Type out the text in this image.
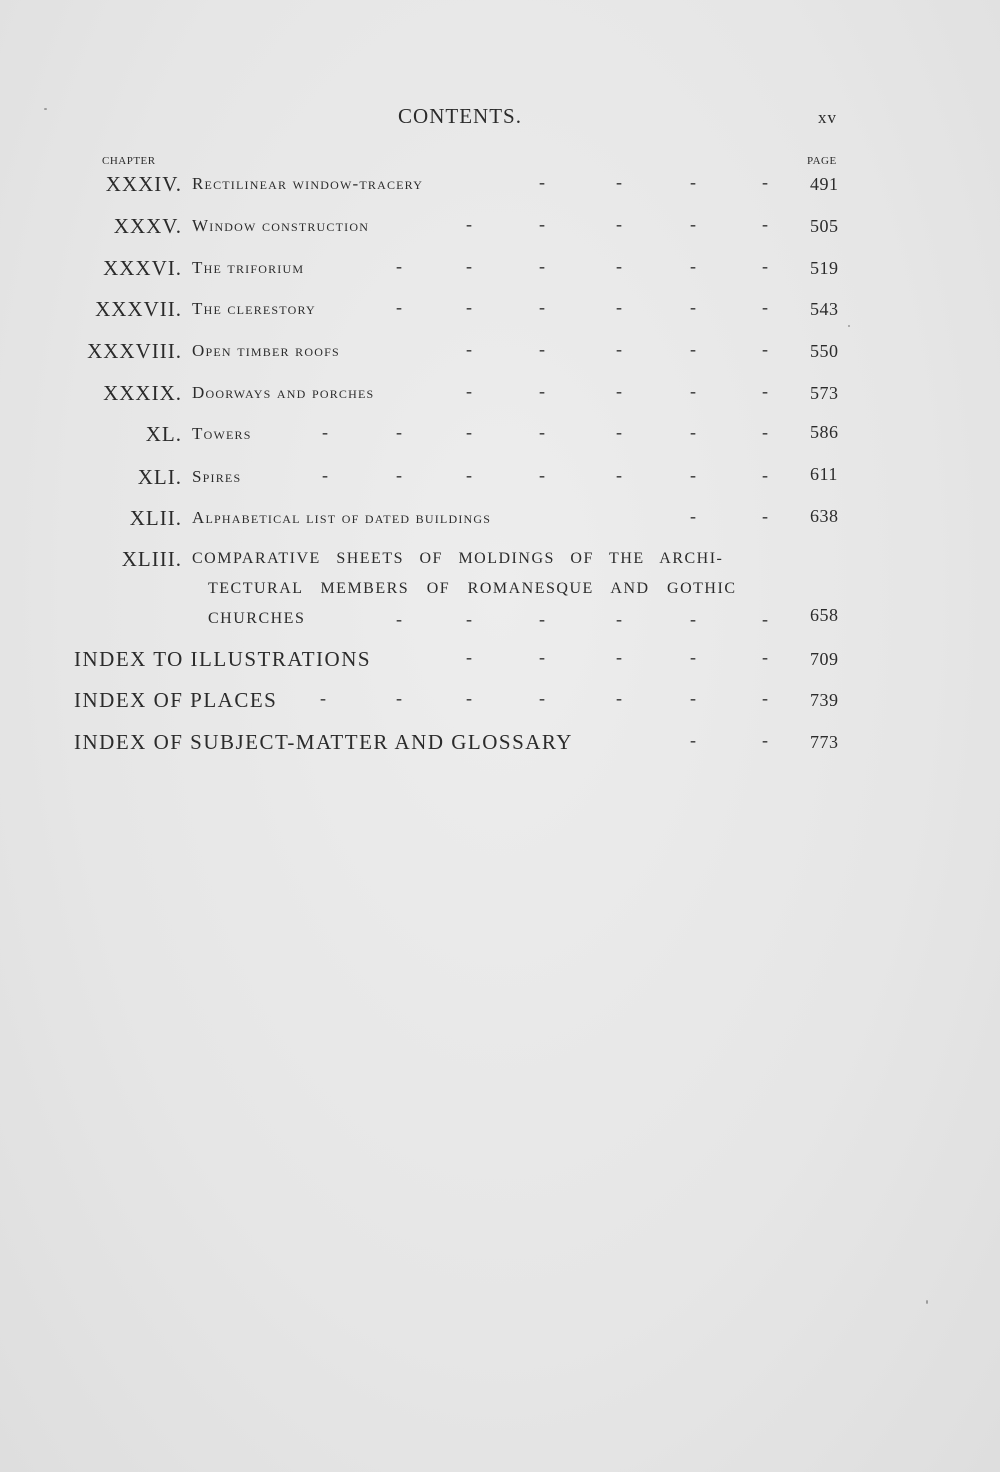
CONTENTS.	xv
CHAPTER	PAGE
XXXIV. Rectilinear window-tracery	-	-	-	- 491
XXXV. Window construction	-	-	-	-	- 505
XXXVI. The triforium	-	-	-	-	-	- 519
XXXVII. The clerestory	-	-	-	-	-	- 543
XXXVIII. Open timber roofs	-	-	-	-	- 550
XXXIX. Doorways and porches	-	-	-	-	- 573
XL. Towers	-	-	-	-	-	-	- 586
XLI. Spires	-	-	-	-	-	-	- 611
XLII. Alphabetical list of dated buildings	-	- 638
XLIII. COMPARATIVE SHEETS OF MOLDINGS OF THE ARCHI-
TECTURAL MEMBERS OF ROMANESQUE AND GOTHIC
CHURCHES	-	-	-	-	-	- 658
INDEX TO ILLUSTRATIONS	-	-	-	-	- 709
INDEX OF PLACES -	-	-	-	-	-	- 739
INDEX OF SUBJECT-MATTER AND GLOSSARY	-	- 773
